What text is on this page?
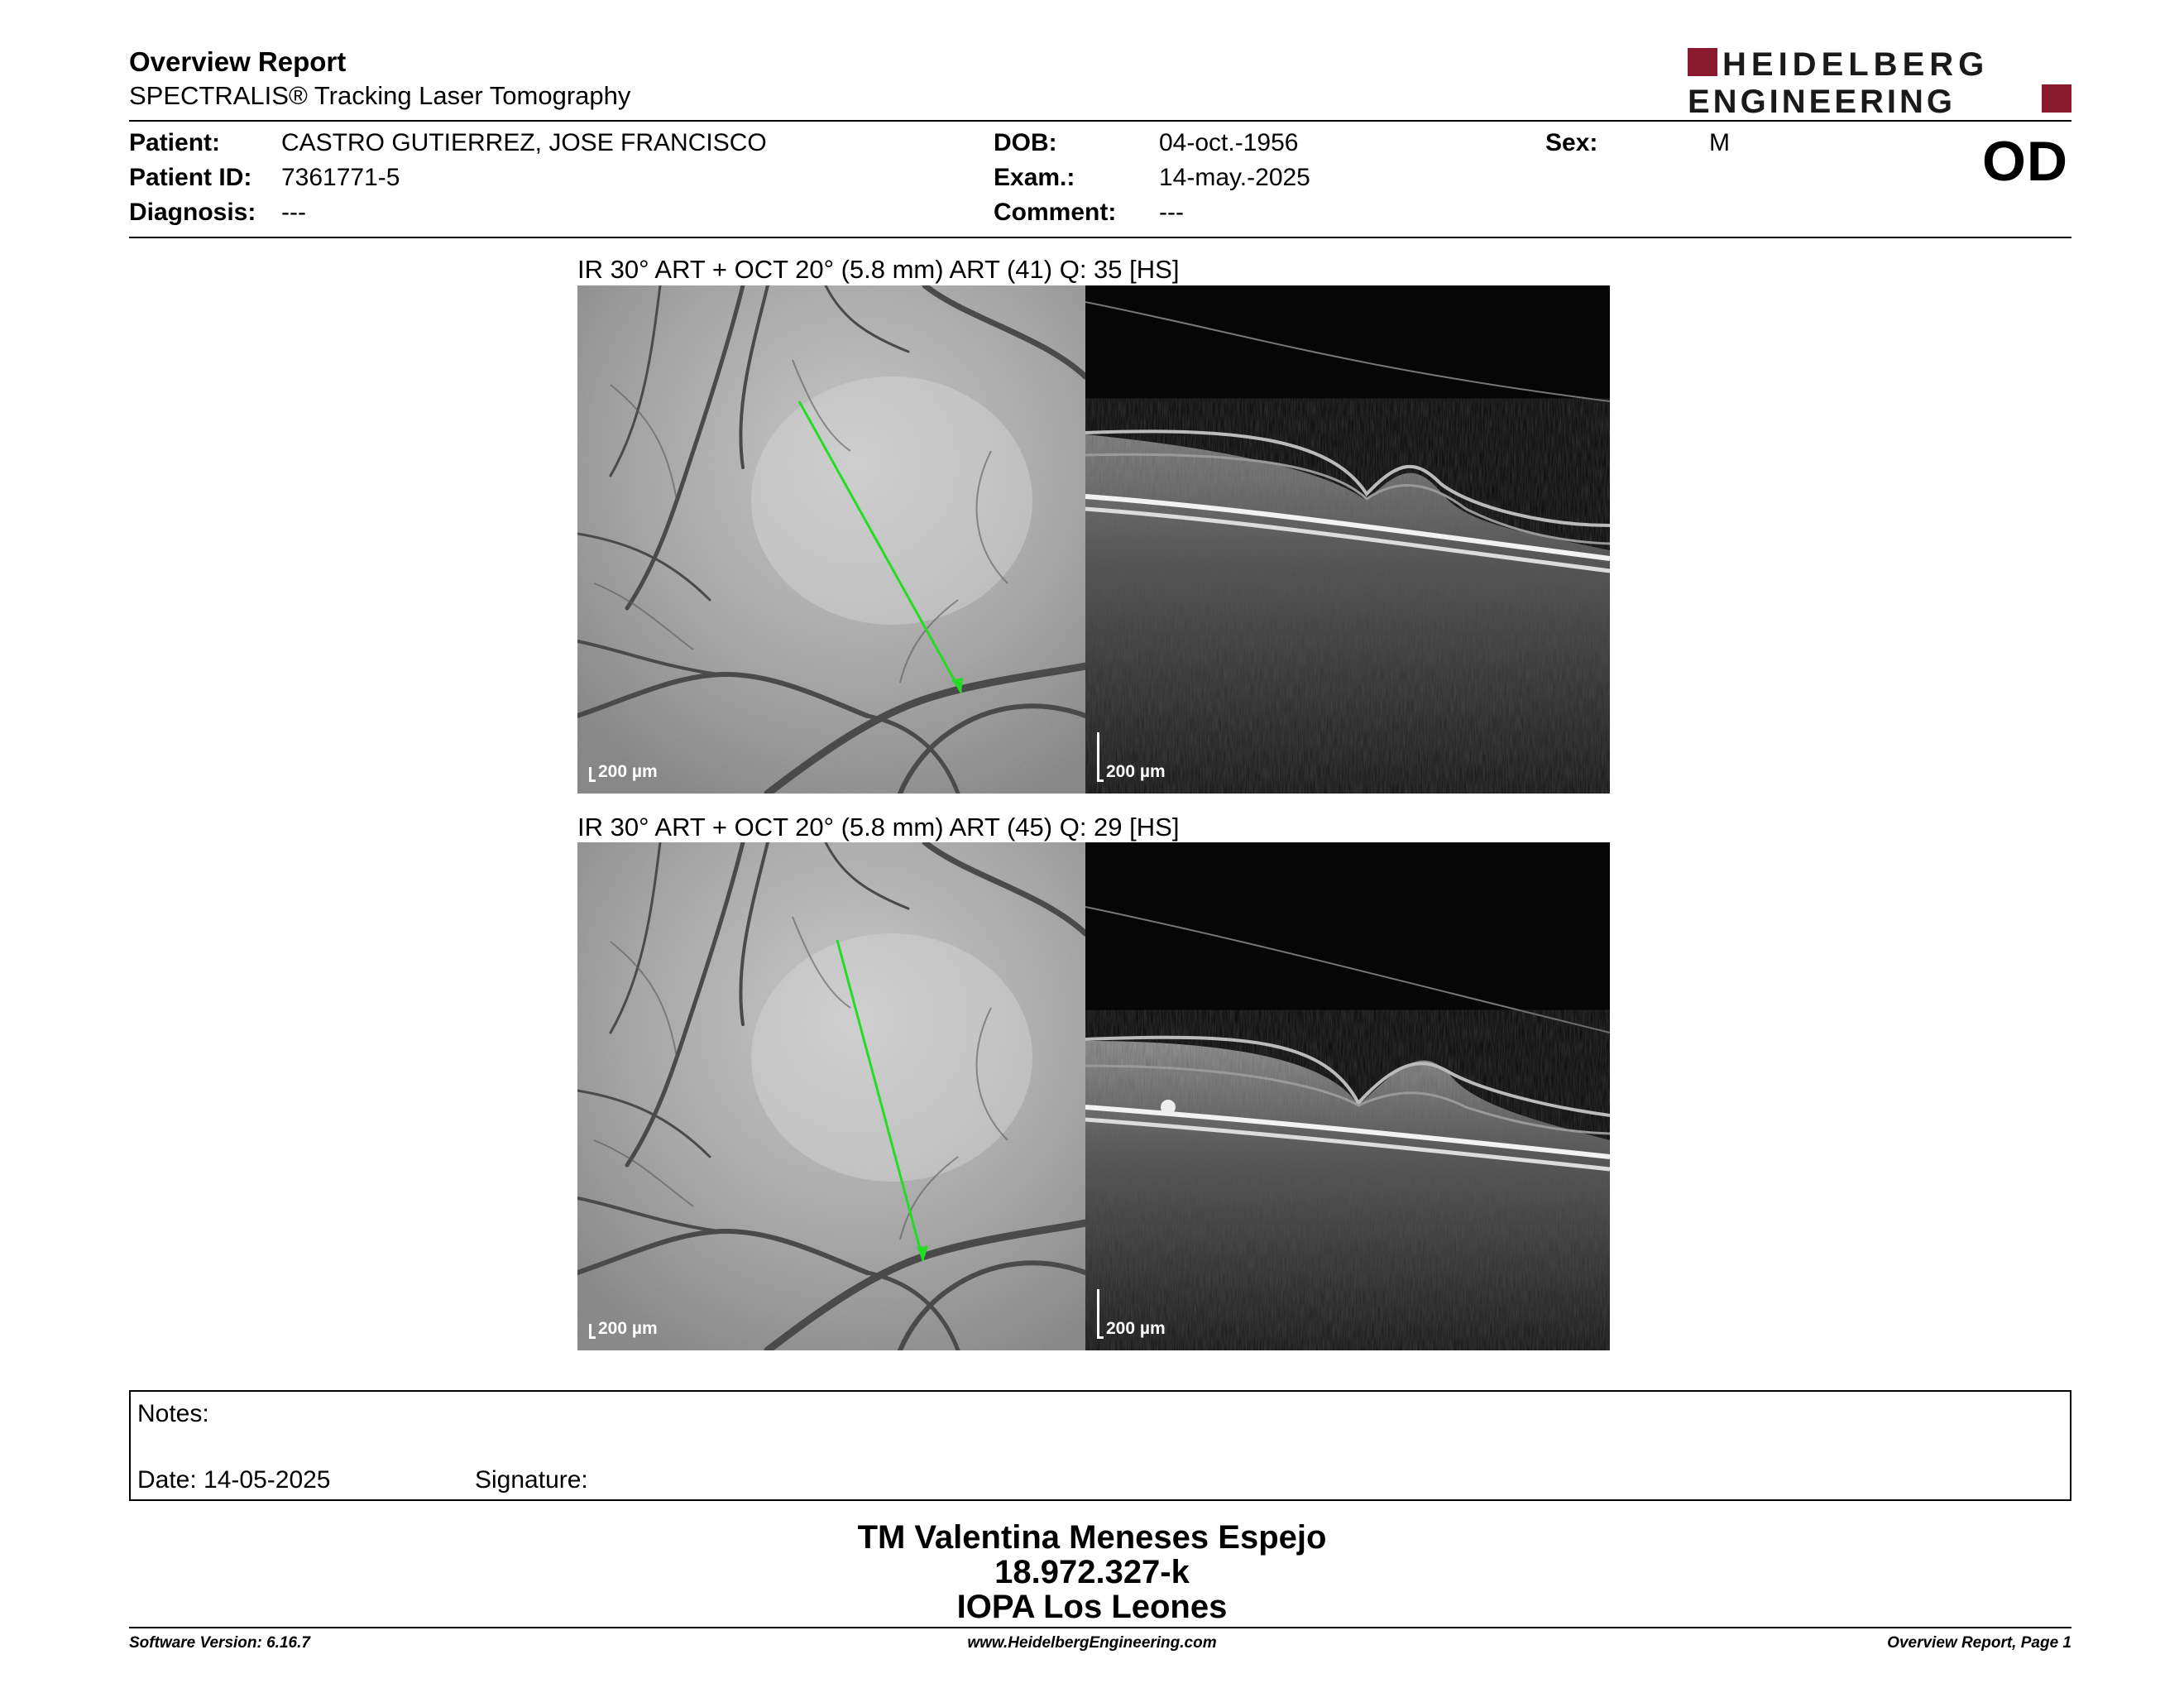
Overview Report
SPECTRALIS® Tracking Laser Tomography
HEIDELBERG
ENGINEERING
Patient: CASTRO GUTIERREZ, JOSE FRANCISCO
Patient ID: 7361771-5
Diagnosis: ---
DOB:	04-oct.-1956
Exam.:	14-may.-2025
Comment: ---
Sex:	M	OD
IR 30° ART + OCT 20° (5.8 mm) ART (41) Q: 35 [HS]
200 µm	200 µm
IR 30° ART + OCT 20° (5.8 mm) ART (45) Q: 29 [HS]
200 µm	200 µm
Notes:
Date: 14-05-2025	Signature:
TM Valentina Meneses Espejo
18.972.327-k
IOPA Los Leones
Software Version: 6.16.7	www.HeidelbergEngineering.com	Overview Report, Page 1
